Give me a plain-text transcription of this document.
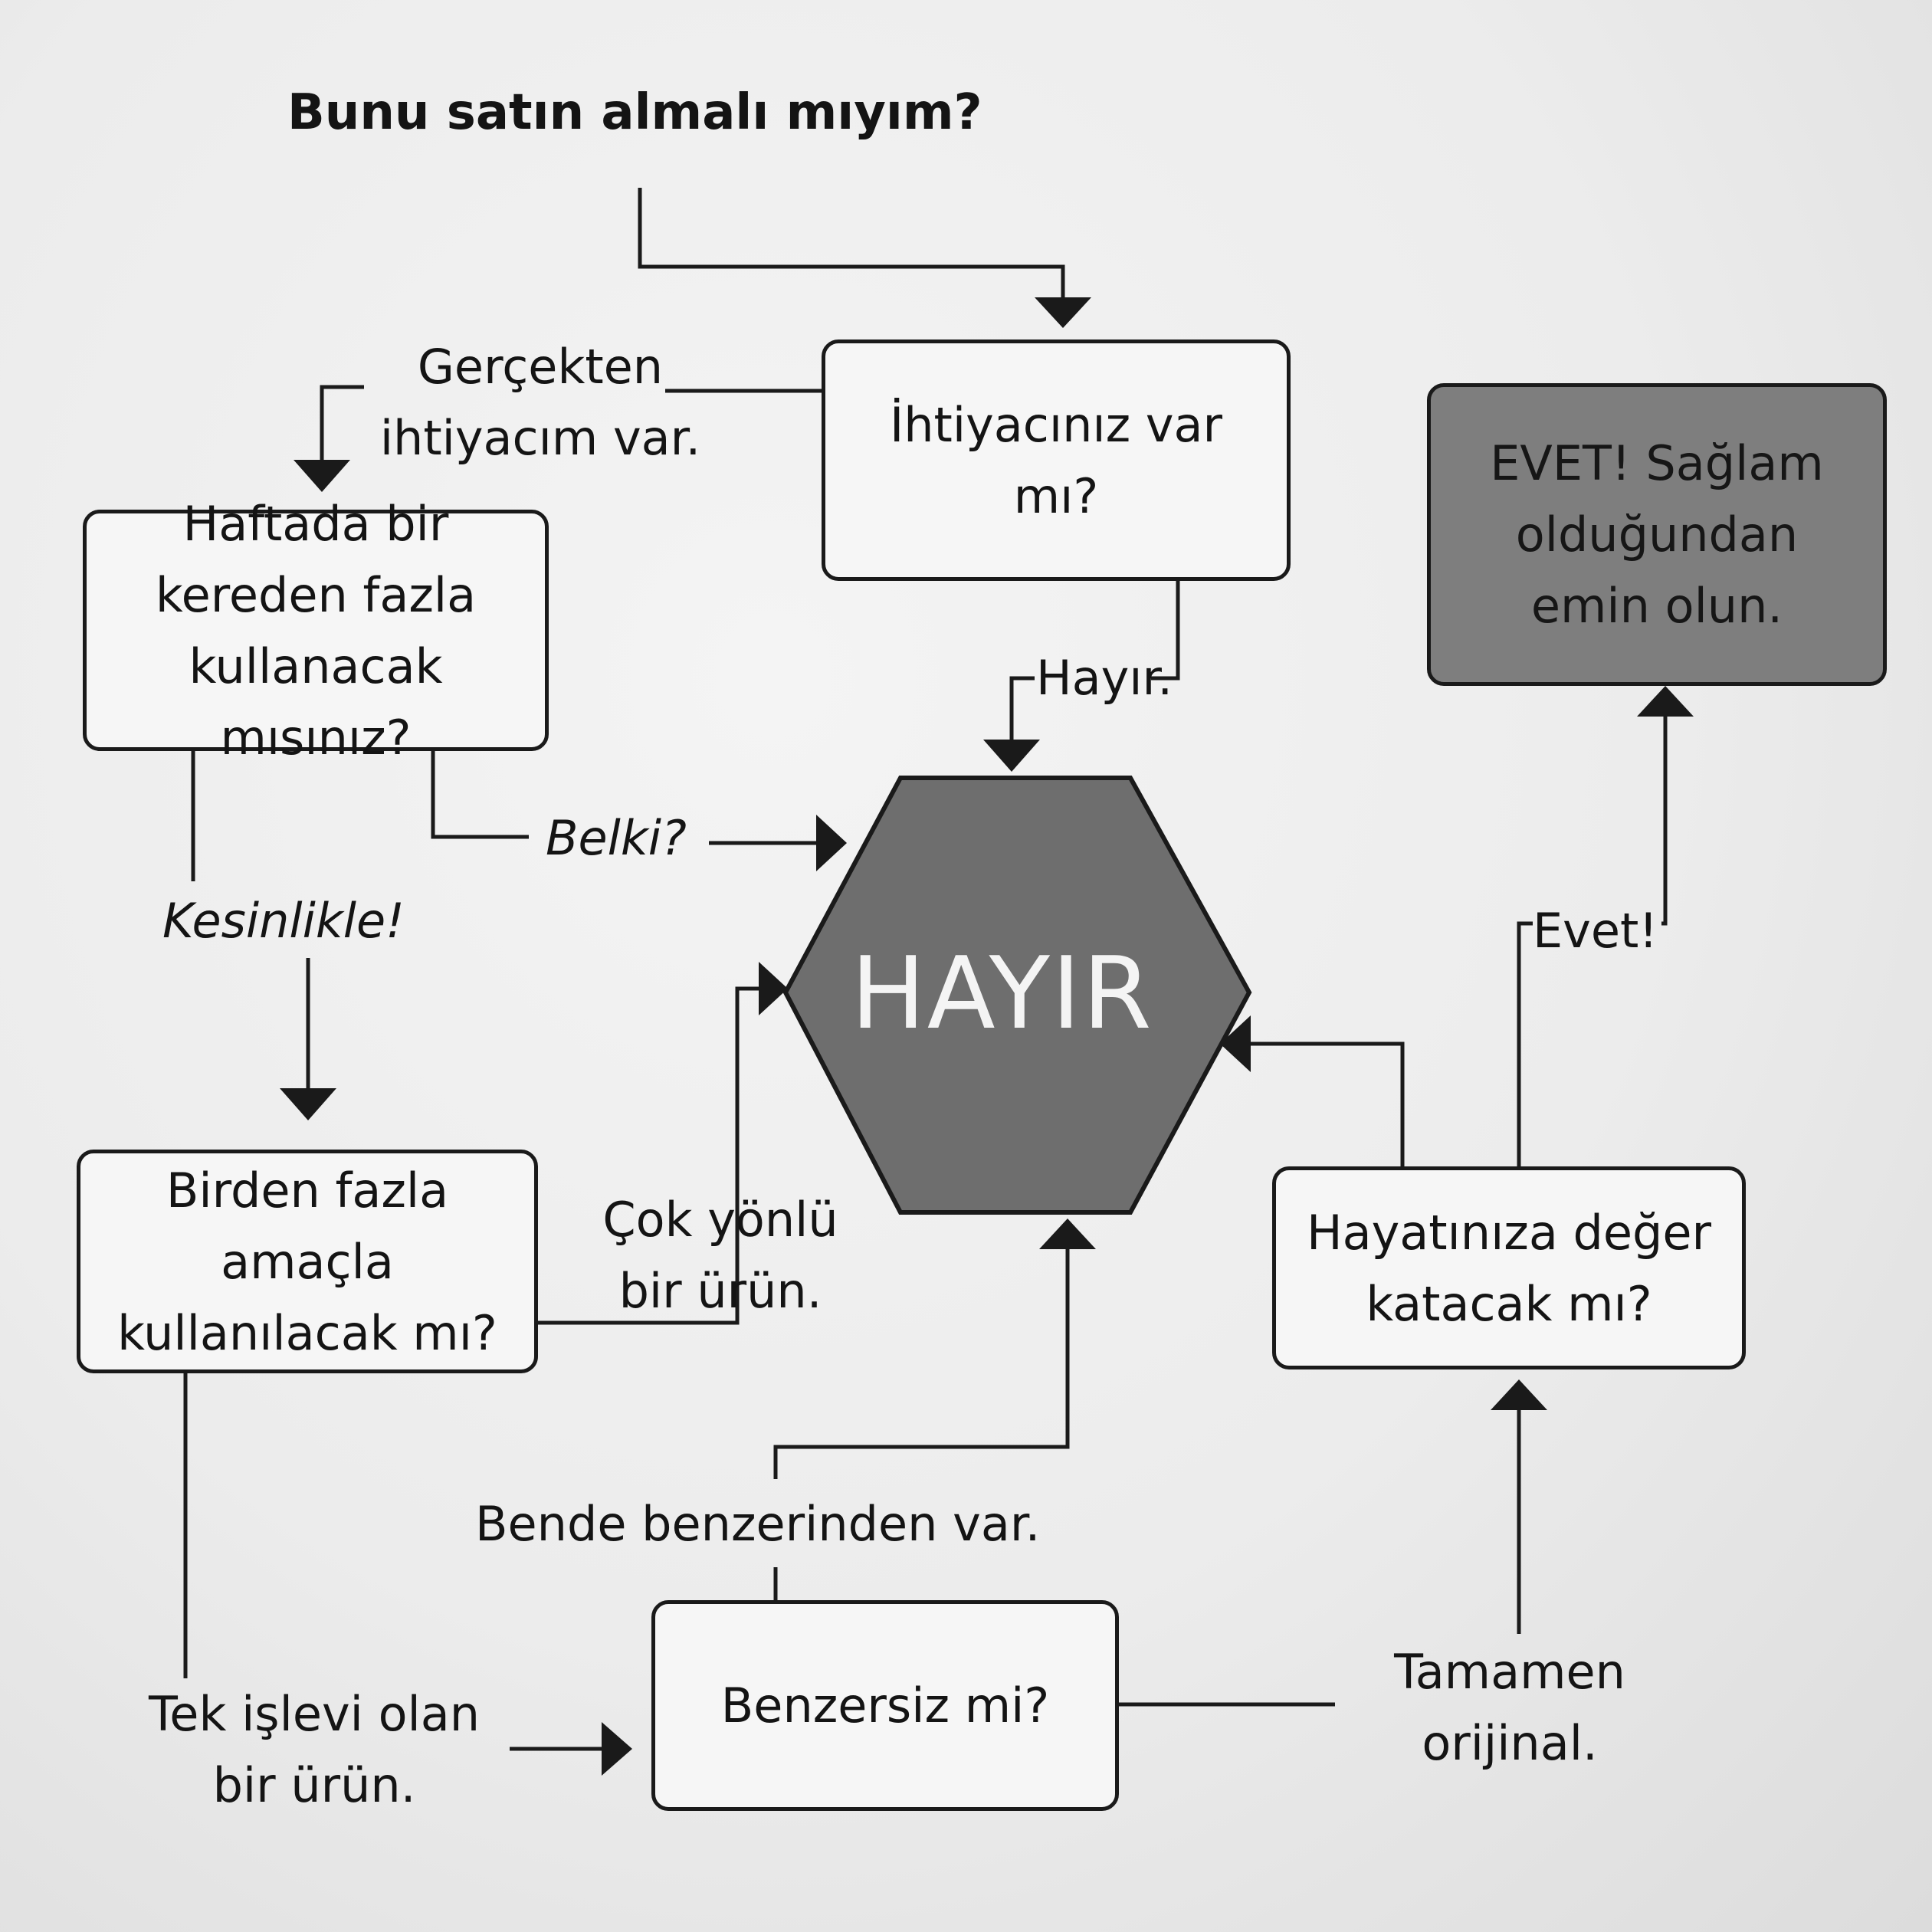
Bunu satın almalı mıyım?
İhtiyacınız var mı?
Haftada bir kereden fazla kullanacak mısınız?
Birden fazla amaçla kullanılacak mı?
Benzersiz mi?
Hayatınıza değer katacak mı?
EVET! Sağlam olduğundan emin olun.
HAYIR
Gerçekten ihtiyacım var.
Hayır.
Belki?
Kesinlikle!
Çok yönlü bir ürün.
Tek işlevi olan bir ürün.
Bende benzerinden var.
Tamamen orijinal.
Evet!
